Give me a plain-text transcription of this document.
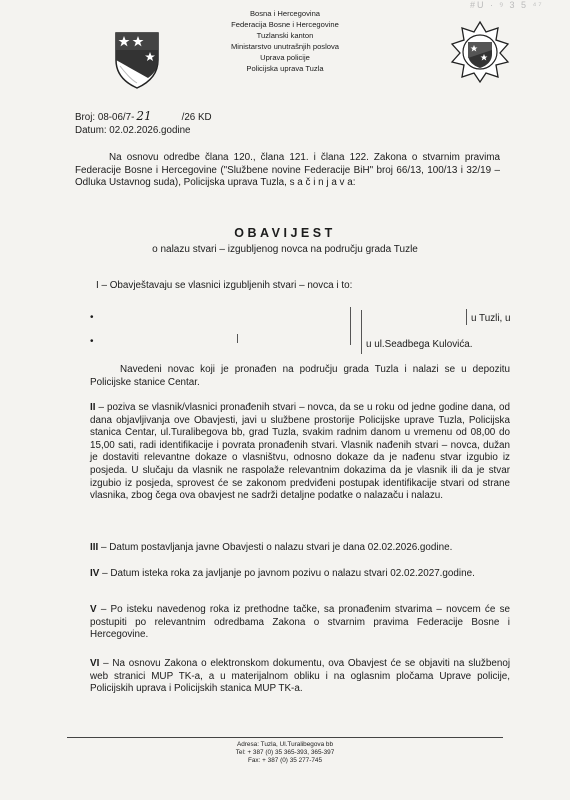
#U · ꝰ 3 5 ⁴⁷
Bosna i Hercegovina
Federacija Bosne i Hercegovine
Tuzlanski kanton
Ministarstvo unutrašnjih poslova
Uprava policije
Policijska uprava Tuzla
Broj: 08-06/7- 21	/26 KD
Datum: 02.02.2026.godine
Na osnovu odredbe člana 120., člana 121. i člana 122. Zakona o stvarnim pravima Federacije Bosne i Hercegovine ("Službene novine Federacije BiH" broj 66/13, 100/13 i 32/19 – Odluka Ustavnog suda), Policijska uprava Tuzla, s a č i n j a v a:
OBAVIJEST
o nalazu stvari – izgubljenog novca na području grada Tuzle
I – Obavještavaju se vlasnici izgubljenih stvari – novca i to:
•	u Tuzli, u
•	u ul.Seadbega Kulovića.
Navedeni novac koji je pronađen na području grada Tuzla i nalazi se u depozitu Policijske stanice Centar.
II – poziva se vlasnik/vlasnici pronađenih stvari – novca, da se u roku od jedne godine dana, od dana objavljivanja ove Obavjesti, javi u službene prostorije Policijske uprave Tuzla, Policijska stanica Centar, ul.Turalibegova bb, grad Tuzla, svakim radnim danom u vremenu od 08,00 do 15,00 sati, radi identifikacije i povrata pronađenih stvari. Vlasnik nađenih stvari – novca, dužan je dostaviti relevantne dokaze o vlasništvu, odnosno dokaze da je nađenu stvar izgubio iz posjeda. U slučaju da vlasnik ne raspolaže relevantnim dokazima da je vlasnik ili da je stvar izgubio iz posjeda, sprovest će se zakonom predviđeni postupak identifikacije stvari od strane vlasnika, zbog čega ova obavjest ne sadrži detaljne podatke o nalazaču i nalazu.
III – Datum postavljanja javne Obavjesti o nalazu stvari je dana 02.02.2026.godine.
IV – Datum isteka roka za javljanje po javnom pozivu o nalazu stvari 02.02.2027.godine.
V – Po isteku navedenog roka iz prethodne tačke, sa pronađenim stvarima – novcem će se postupiti po relevantnim odredbama Zakona o stvarnim pravima Federacije Bosne i Hercegovine.
VI – Na osnovu Zakona o elektronskom dokumentu, ova Obavjest će se objaviti na službenoj web stranici MUP TK-a, a u materijalnom obliku i na oglasnim pločama Uprave policije, Policijskih uprava i Policijskih stanica MUP TK-a.
Adresa: Tuzla, Ul.Turalibegova bb
Tel: + 387 (0) 35 365-393, 365-397
Fax: + 387 (0) 35 277-745
